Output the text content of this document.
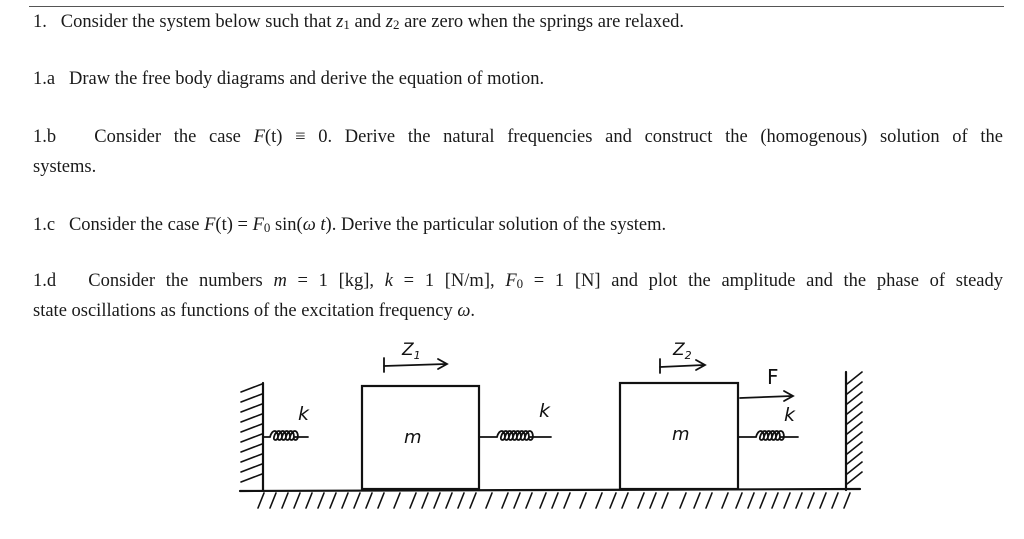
1. Consider the system below such that $z_1$ and $z_2$ are zero when the springs are relaxed.
1.a Draw the free body diagrams and derive the equation of motion.
1.b Consider the case F(t) ≡ 0. Derive the natural frequencies and construct the (homogenous) solution of the
systems.
1.c Consider the case $F(t) = F_0$ sin(ω t). Derive the particular solution of the system.
1.d Consider the numbers m = 1 [kg], k = 1 [N/m], $F_0 = 1$ [N] and plot the amplitude and the phase of steady
state oscillations as functions of the excitation frequency ω.
k	k	k
m	m
$Z_1$	$Z_2$
F
